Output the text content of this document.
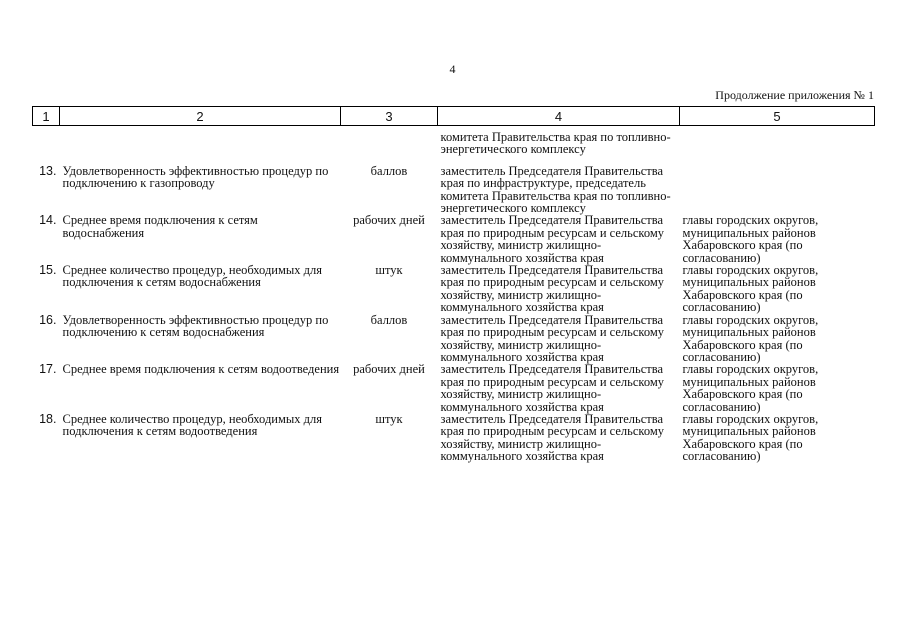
4
Продолжение приложения № 1
1	2	3	4	5
			комитета Правительства края по топливно-энергетического комплексу	
13.	Удовлетворенность эффективностью процедур по подключению к газопроводу	баллов	заместитель Председателя Правительства края по инфраструктуре, председатель комитета Правительства края по топливно-энергетического комплексу	
14.	Среднее время подключения к сетям водоснабжения	рабочих дней	заместитель Председателя Правительства края по природным ресурсам и сельскому хозяйству, министр жилищно-коммунального хозяйства края	главы городских округов, муниципальных районов Хабаровского края (по согласованию)
15.	Среднее количество процедур, необходимых для подключения к сетям водоснабжения	штук	заместитель Председателя Правительства края по природным ресурсам и сельскому хозяйству, министр жилищно-коммунального хозяйства края	главы городских округов, муниципальных районов Хабаровского края (по согласованию)
16.	Удовлетворенность эффективностью процедур по подключению к сетям водоснабжения	баллов	заместитель Председателя Правительства края по природным ресурсам и сельскому хозяйству, министр жилищно-коммунального хозяйства края	главы городских округов, муниципальных районов Хабаровского края (по согласованию)
17.	Среднее время подключения к сетям водоотведения	рабочих дней	заместитель Председателя Правительства края по природным ресурсам и сельскому хозяйству, министр жилищно-коммунального хозяйства края	главы городских округов, муниципальных районов Хабаровского края (по согласованию)
18.	Среднее количество процедур, необходимых для подключения к сетям водоотведения	штук	заместитель Председателя Правительства края по природным ресурсам и сельскому хозяйству, министр жилищно-коммунального хозяйства края	главы городских округов, муниципальных районов Хабаровского края (по согласованию)
